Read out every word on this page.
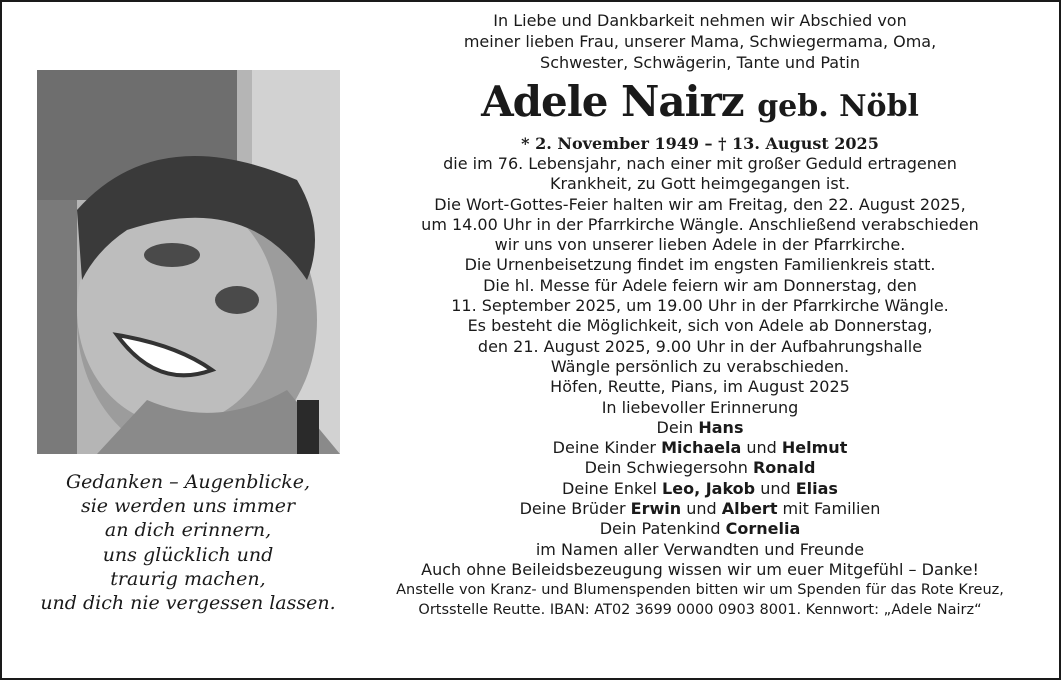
Gedanken – Augenblicke,
sie werden uns immer
an dich erinnern,
uns glücklich und
traurig machen,
und dich nie vergessen lassen.
In Liebe und Dankbarkeit nehmen wir Abschied von
meiner lieben Frau, unserer Mama, Schwiegermama, Oma,
Schwester, Schwägerin, Tante und Patin
Adele Nairz geb. Nöbl
* 2. November 1949 – † 13. August 2025
die im 76. Lebensjahr, nach einer mit großer Geduld ertragenen
Krankheit, zu Gott heimgegangen ist.
Die Wort-Gottes-Feier halten wir am Freitag, den 22. August 2025,
um 14.00 Uhr in der Pfarrkirche Wängle. Anschließend verabschieden
wir uns von unserer lieben Adele in der Pfarrkirche.
Die Urnenbeisetzung findet im engsten Familienkreis statt.
Die hl. Messe für Adele feiern wir am Donnerstag, den
11. September 2025, um 19.00 Uhr in der Pfarrkirche Wängle.
Es besteht die Möglichkeit, sich von Adele ab Donnerstag,
den 21. August 2025, 9.00 Uhr in der Aufbahrungshalle
Wängle persönlich zu verabschieden.
Höfen, Reutte, Pians, im August 2025
In liebevoller Erinnerung
Dein Hans
Deine Kinder Michaela und Helmut
Dein Schwiegersohn Ronald
Deine Enkel Leo, Jakob und Elias
Deine Brüder Erwin und Albert mit Familien
Dein Patenkind Cornelia
im Namen aller Verwandten und Freunde
Auch ohne Beileidsbezeugung wissen wir um euer Mitgefühl – Danke!
Anstelle von Kranz- und Blumenspenden bitten wir um Spenden für das Rote Kreuz,
Ortsstelle Reutte. IBAN: AT02 3699 0000 0903 8001. Kennwort: „Adele Nairz“
